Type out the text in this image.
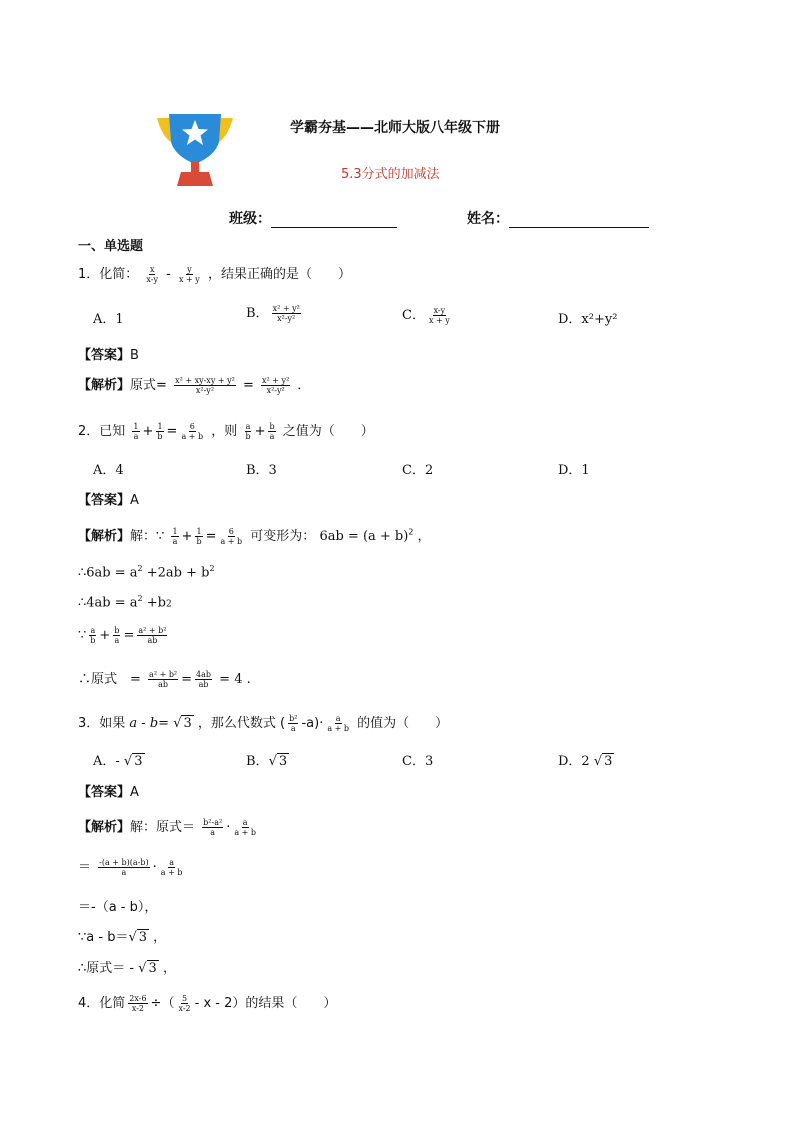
学霸夯基——北师大版八年级下册
5.3分式的加减法
班级：	姓名：
一、单选题
1．化简： $\frac{x}{x-y} - \frac{y}{x + y}$ ，结果正确的是（　　）
A．1	B． $\frac{\text{x² + y²}}{\text{x²-y²}}$	C． $\frac{x-y}{x + y}$	D．x²+y²
【答案】B
【解析】原式= $\frac{\text{x² + xy-xy + y²}}{\text{x²-y²}} = \frac{\text{x² + y²}}{\text{x²-y²}}$ ．
2．已知 $\frac{1}{a} + \frac{1}{b} = \frac{6}{a + b}$ ，则 $\frac{a}{b} + \frac{b}{a}$ 之值为（　　）
A．4	B．3	C．2	D．1
【答案】A
【解析】解：∵ $\frac{1}{a} + \frac{1}{b} = \frac{6}{a + b}$ 可变形为： $6ab = (a + b)^2$ ，
∴6ab = $a^2 +2ab + b^2$
∴4ab = $a^2 +b2$
∵ $\frac{a}{b} + \frac{b}{a} = \frac{\text{a² + b²}}{ab}$
∴原式　= $\frac{\text{a² + b²}}{ab} = \frac{4ab}{ab} = 4$ .
3．如果 a - b= √ 3 ，那么代数式 ( $\frac{\text{b²}}{a} -a)\cdot \frac{a}{a + b}$ 的值为（　　）
A．- √ 3	B．√ 3	C．3	D．2 √ 3
【答案】A
【解析】解：原式＝ $\frac{\text{b²-a²}}{a} \cdot \frac{a}{a + b}$
＝ $\frac{-(a + b)(a-b)}{a} \cdot \frac{a}{a + b}$
＝-（a - b），
∵a - b＝√ 3 ，
∴原式＝ - √ 3 ，
4．化简 $\frac{2x-6}{x-2}$ ÷（ $\frac{5}{x-2}$ - x - 2）的结果（　　）
